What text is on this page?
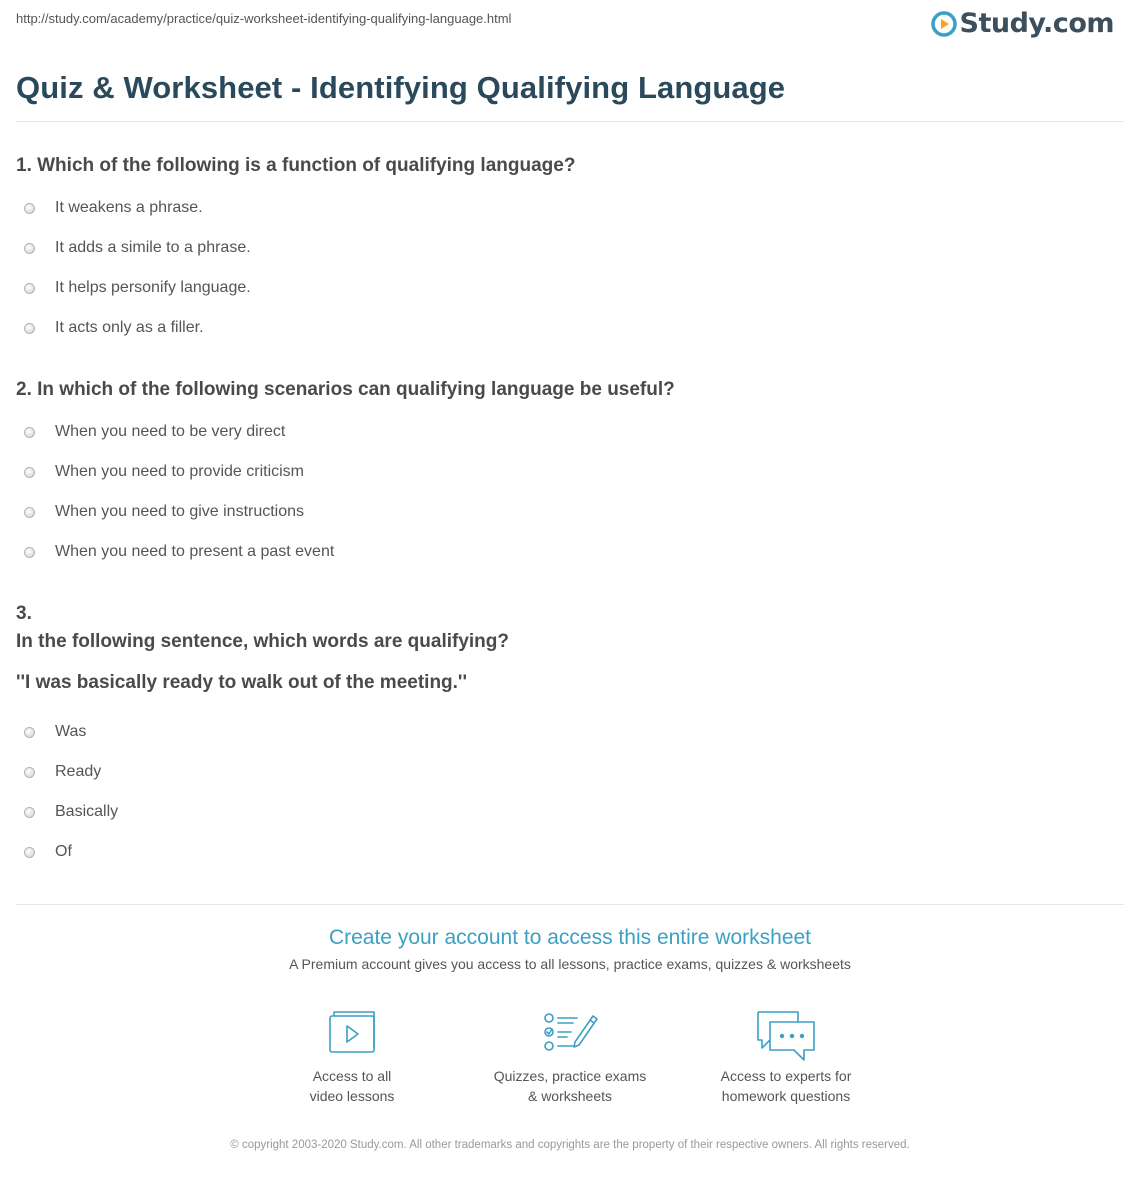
http://study.com/academy/practice/quiz-worksheet-identifying-qualifying-language.html	Study.com
Quiz & Worksheet - Identifying Qualifying Language
1. Which of the following is a function of qualifying language?
It weakens a phrase.
It adds a simile to a phrase.
It helps personify language.
It acts only as a filler.
2. In which of the following scenarios can qualifying language be useful?
When you need to be very direct
When you need to provide criticism
When you need to give instructions
When you need to present a past event
3.
In the following sentence, which words are qualifying?
''I was basically ready to walk out of the meeting.''
Was
Ready
Basically
Of
Create your account to access this entire worksheet
A Premium account gives you access to all lessons, practice exams, quizzes & worksheets
Access to all
video lessons
Quizzes, practice exams
& worksheets
Access to experts for
homework questions
© copyright 2003-2020 Study.com. All other trademarks and copyrights are the property of their respective owners. All rights reserved.
